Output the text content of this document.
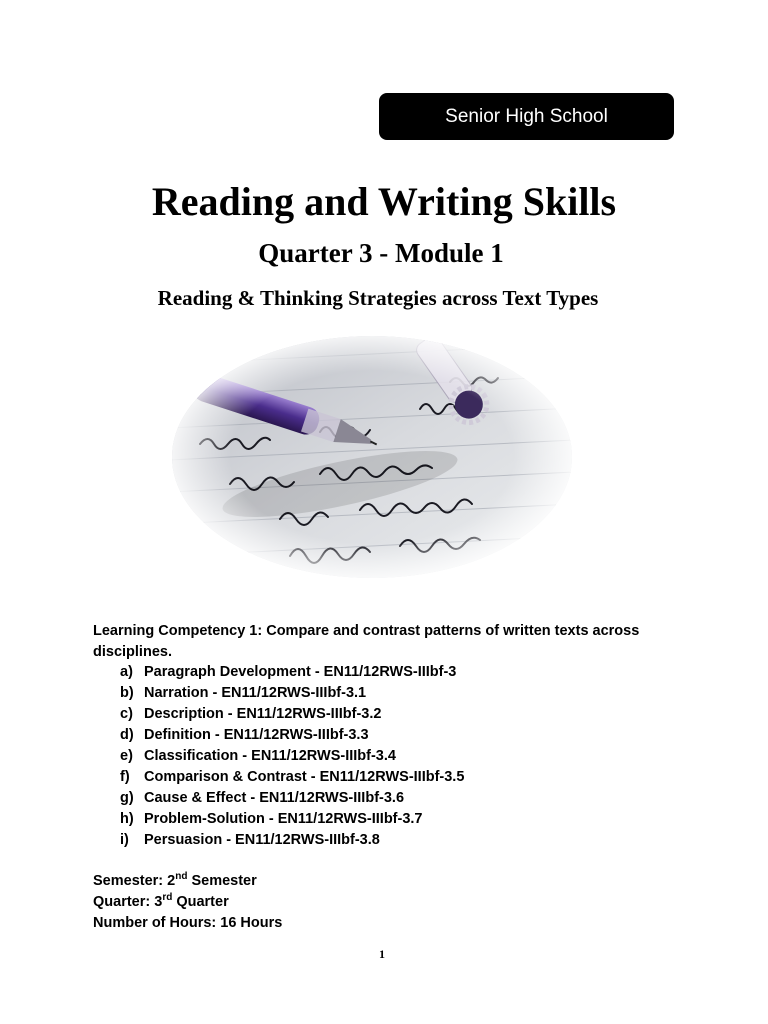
Senior High School
Reading and Writing Skills
Quarter 3 - Module 1
Reading & Thinking Strategies across Text Types

Learning Competency 1: Compare and contrast patterns of written texts across disciplines.

a) Paragraph Development - EN11/12RWS-IIIbf-3
b) Narration - EN11/12RWS-IIIbf-3.1
c) Description - EN11/12RWS-IIIbf-3.2
d) Definition - EN11/12RWS-IIIbf-3.3
e) Classification - EN11/12RWS-IIIbf-3.4
f) Comparison & Contrast - EN11/12RWS-IIIbf-3.5
g) Cause & Effect - EN11/12RWS-IIIbf-3.6
h) Problem-Solution - EN11/12RWS-IIIbf-3.7
i)	Persuasion - EN11/12RWS-IIIbf-3.8
Semester: 2nd Semester
Quarter: 3rd Quarter
Number of Hours: 16 Hours
1
